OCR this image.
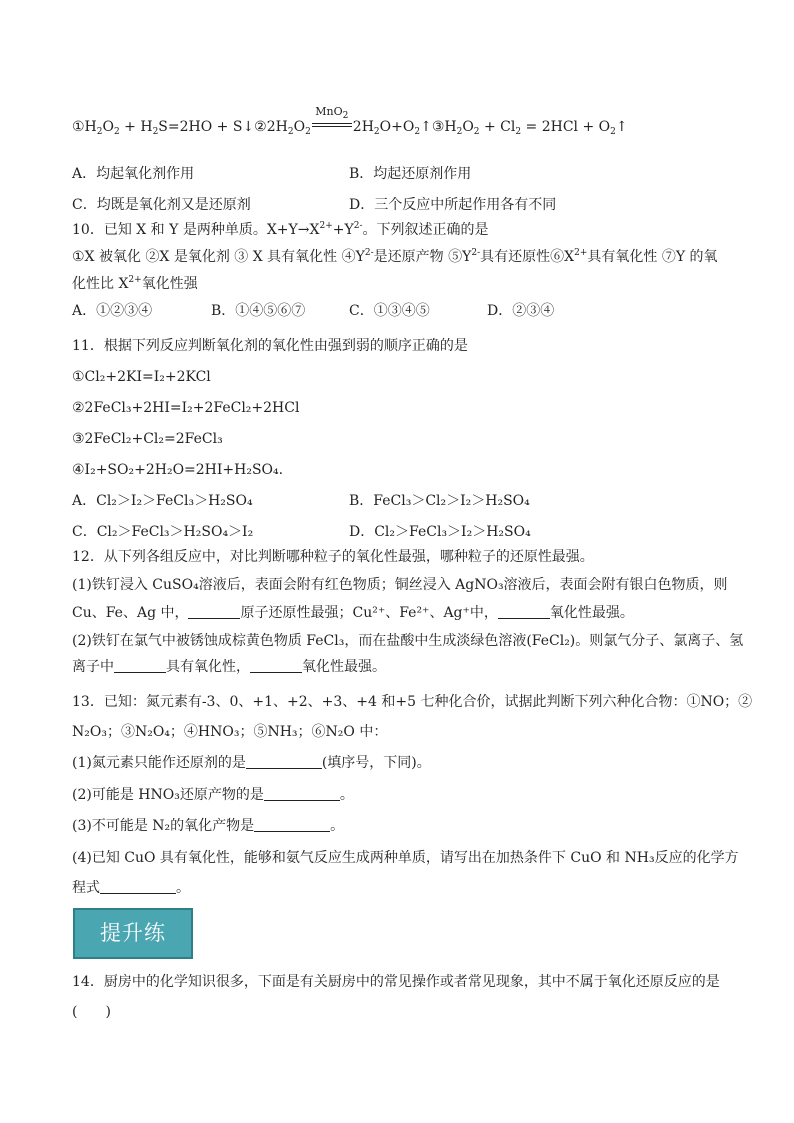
$①H_2O_2 + H_2S=2HO$ + $S↓②2H_2O_2$
MnO$_2$
$2H_2O+O_2↑③H_2O_2 + Cl_2 = 2HCl$ + $O_2↑$
A．均起氧化剂作用	B．均起还原剂作用
C．均既是氧化剂又是还原剂	D．三个反应中所起作用各有不同
10．已知 X 和 Y 是两种单质。$X+Y\to X^{2+}+Y^{2-}$。下列叙述正确的是
①X 被氧化 ②X 是氧化剂 ③ X 具有氧化性 $④Y^{2-}$是还原产物 $⑤Y^{2-}$具有还原性$⑥X^{2+}$具有氧化性 ⑦Y 的氧
化性比 $X^{2+}$氧化性强
A．①②③④	B．①④⑤⑥⑦	C．①③④⑤	D．②③④
11．根据下列反应判断氧化剂的氧化性由强到弱的顺序正确的是
①Cl₂+2KI=I₂+2KCl
②2FeCl₃+2HI=I₂+2FeCl₂+2HCl
③2FeCl₂+Cl₂=2FeCl₃
④I₂+SO₂+2H₂O=2HI+H₂SO₄.
A．Cl₂＞I₂＞FeCl₃＞H₂SO₄	B．FeCl₃＞Cl₂＞I₂＞H₂SO₄
C．Cl₂＞FeCl₃＞H₂SO₄＞I₂	D．Cl₂＞FeCl₃＞I₂＞H₂SO₄
12．从下列各组反应中，对比判断哪种粒子的氧化性最强，哪种粒子的还原性最强。
(1)铁钉浸入 CuSO₄溶液后，表面会附有红色物质；铜丝浸入 AgNO₃溶液后，表面会附有银白色物质，则
Cu、Fe、Ag 中，	原子还原性最强；Cu²⁺、Fe²⁺、Ag⁺中，	氧化性最强。
(2)铁钉在氯气中被锈蚀成棕黄色物质 FeCl₃，而在盐酸中生成淡绿色溶液(FeCl₂)。则氯气分子、氯离子、氢
离子中	具有氧化性，	氧化性最强。
13．已知：氮元素有-3、0、+1、+2、+3、+4 和+5 七种化合价，试据此判断下列六种化合物：①NO；②
N₂O₃；③N₂O₄；④HNO₃；⑤NH₃；⑥N₂O 中：
(1)氮元素只能作还原剂的是	(填序号，下同)。
(2)可能是 HNO₃还原产物的是	。
(3)不可能是 N₂的氧化产物是	。
(4)已知 CuO 具有氧化性，能够和氨气反应生成两种单质，请写出在加热条件下 CuO 和 NH₃反应的化学方
程式	。
提升练
14．厨房中的化学知识很多，下面是有关厨房中的常见操作或者常见现象，其中不属于氧化还原反应的是
(　　)
